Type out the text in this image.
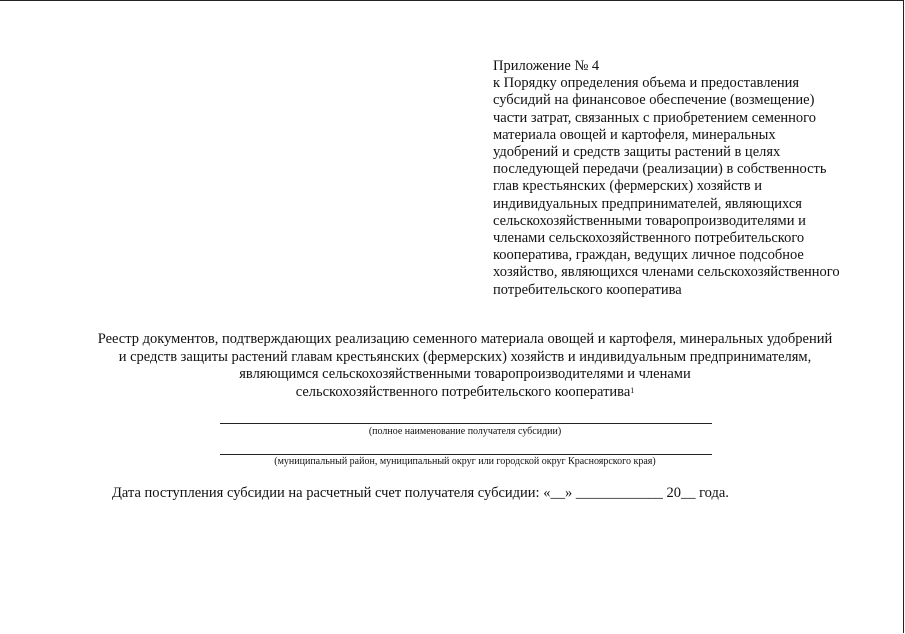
Приложение № 4
к Порядку определения объема и предоставления
субсидий на финансовое обеспечение (возмещение)
части затрат, связанных с приобретением семенного
материала овощей и картофеля, минеральных
удобрений и средств защиты растений в целях
последующей передачи (реализации) в собственность
глав крестьянских (фермерских) хозяйств и
индивидуальных предпринимателей, являющихся
сельскохозяйственными товаропроизводителями и
членами сельскохозяйственного потребительского
кооператива, граждан, ведущих личное подсобное
хозяйство, являющихся членами сельскохозяйственного
потребительского кооператива
Реестр документов, подтверждающих реализацию семенного материала овощей и картофеля, минеральных удобрений
и средств защиты растений главам крестьянских (фермерских) хозяйств и индивидуальным предпринимателям,
являющимся сельскохозяйственными товаропроизводителями и членами
сельскохозяйственного потребительского кооператива$^1$
(полное наименование получателя субсидии)
(муниципальный район, муниципальный округ или городской округ Красноярского края)
Дата поступления субсидии на расчетный счет получателя субсидии: «__» ____________ 20__ года.
